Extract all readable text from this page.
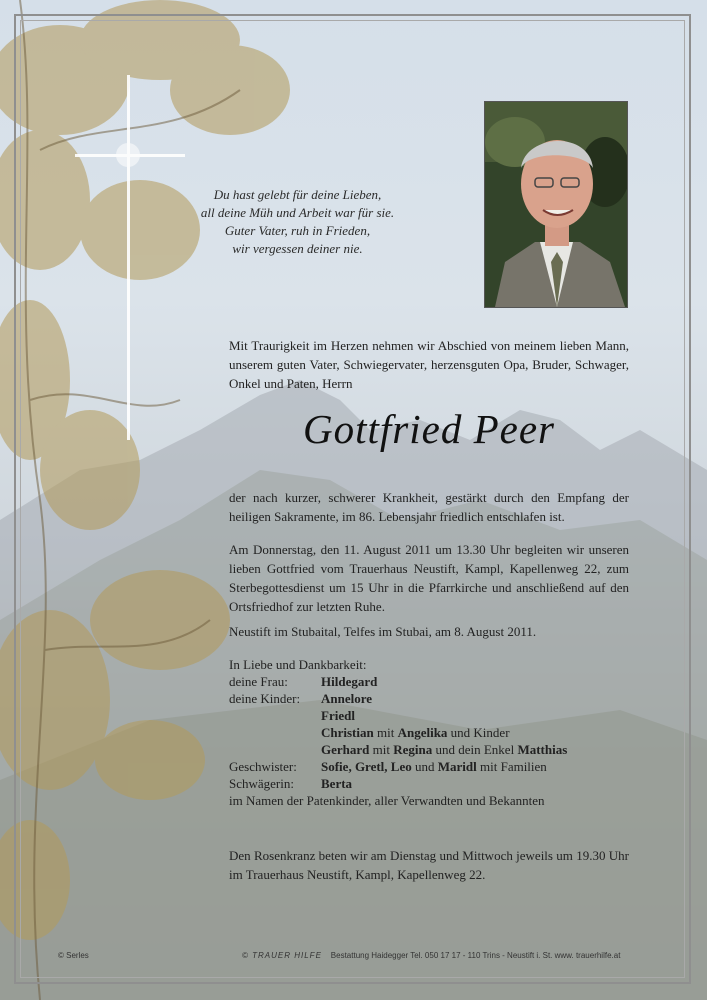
Du hast gelebt für deine Lieben,
all deine Müh und Arbeit war für sie.
Guter Vater, ruh in Frieden,
wir vergessen deiner nie.
Mit Traurigkeit im Herzen nehmen wir Abschied von meinem lieben Mann, unserem guten Vater, Schwiegervater, herzensguten Opa, Bruder, Schwager, Onkel und Paten, Herrn
Gottfried Peer
der nach kurzer, schwerer Krankheit, gestärkt durch den Empfang der heiligen Sakramente, im 86. Lebensjahr friedlich entschlafen ist.
Am Donnerstag, den 11. August 2011 um 13.30 Uhr begleiten wir unseren lieben Gottfried vom Trauerhaus Neustift, Kampl, Kapellenweg 22, zum Sterbegottesdienst um 15 Uhr in die Pfarrkirche und anschließend auf den Ortsfriedhof zur letzten Ruhe.
Neustift im Stubaital, Telfes im Stubai, am 8. August 2011.
In Liebe und Dankbarkeit:
deine Frau:	Hildegard
deine Kinder:	Annelore
Friedl
Christian mit Angelika und Kinder
Gerhard mit Regina und dein Enkel Matthias
Geschwister:	Sofie, Gretl, Leo und Maridl mit Familien
Schwägerin:	Berta
im Namen der Patenkinder, aller Verwandten und Bekannten
Den Rosenkranz beten wir am Dienstag und Mittwoch jeweils um 19.30 Uhr im Trauerhaus Neustift, Kampl, Kapellenweg 22.
© Serles	© TRAUER HILFE Bestattung Haidegger Tel. 050 17 17 - 110 Trins - Neustift i. St. www. trauerhilfe.at
